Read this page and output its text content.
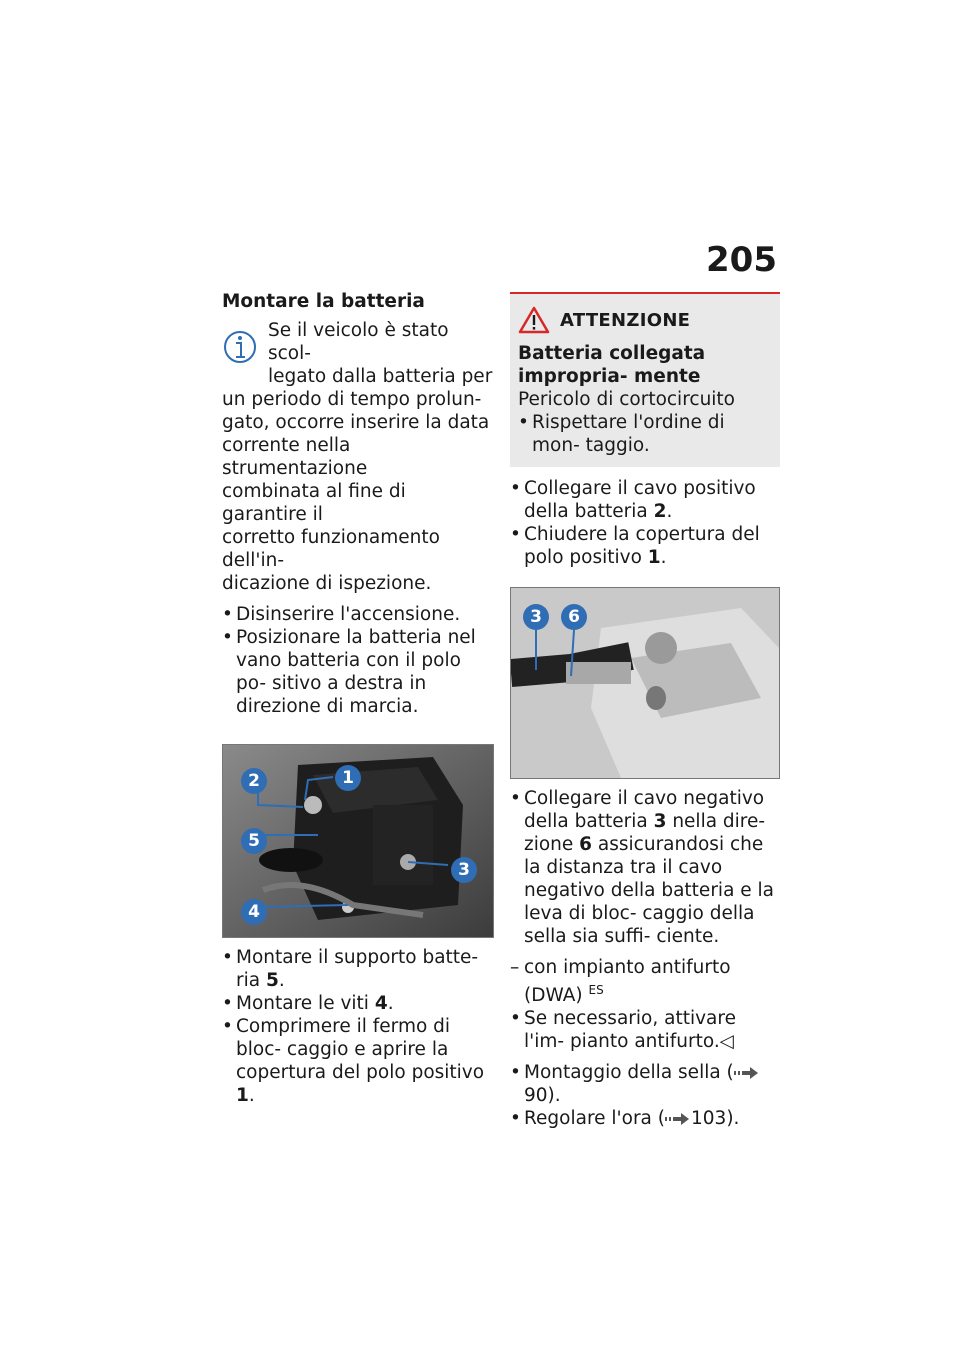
205
Montare la batteria
Se il veicolo è stato scol-
legato dalla batteria per
un periodo di tempo prolun-
gato, occorre inserire la data
corrente nella strumentazione
combinata al fine di garantire il
corretto funzionamento dell'in-
dicazione di ispezione.

• Disinserire l'accensione.

• Posizionare la batteria nel vano batteria con il polo po- sitivo a destra in direzione di marcia.

2	1
5
3
4

• Montare il supporto batte- ria 5.

• Montare le viti 4.

• Comprimere il fermo di bloc- caggio e aprire la copertura del polo positivo 1.

ATTENZIONE
Batteria collegata impropria- mente
Pericolo di cortocircuito

• Rispettare l'ordine di mon- taggio.

• Collegare il cavo positivo della batteria 2.

• Chiudere la copertura del polo positivo 1.

3	6

• Collegare il cavo negativo della batteria 3 nella dire- zione 6 assicurandosi che la distanza tra il cavo negativo della batteria e la leva di bloc- caggio della sella sia suffi- ciente.

– con impianto antifurto (DWA) $^{ES}$

• Se necessario, attivare l'im- pianto antifurto.◁

• Montaggio della sella (90).

• Regolare l'ora ( 103).
